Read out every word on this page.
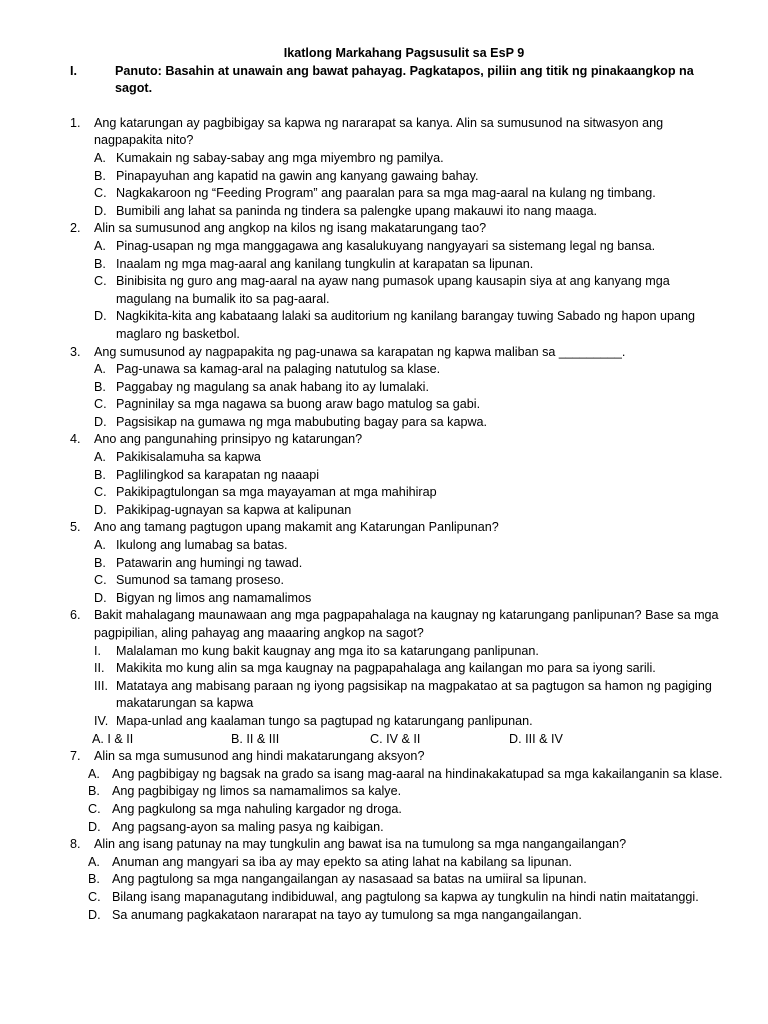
Ikatlong Markahang Pagsusulit sa EsP 9
I.	Panuto: Basahin at unawain ang bawat pahayag. Pagkatapos, piliin ang titik ng pinakaangkop na sagot.
1.	Ang katarungan ay pagbibigay sa kapwa ng nararapat sa kanya. Alin sa sumusunod na sitwasyon ang nagpapakita nito?
A. Kumakain ng sabay-sabay ang mga miyembro ng pamilya.
B. Pinapayuhan ang kapatid na gawin ang kanyang gawaing bahay.
C. Nagkakaroon ng “Feeding Program” ang paaralan para sa mga mag-aaral na kulang ng timbang.
D. Bumibili ang lahat sa paninda ng tindera sa palengke upang makauwi ito nang maaga.
2.	Alin sa sumusunod ang angkop na kilos ng isang makatarungang tao?
A. Pinag-usapan ng mga manggagawa ang kasalukuyang nangyayari sa sistemang legal ng bansa.
B. Inaalam ng mga mag-aaral ang kanilang tungkulin at karapatan sa lipunan.
C. Binibisita ng guro ang mag-aaral na ayaw nang pumasok upang kausapin siya at ang kanyang mga magulang na bumalik ito sa pag-aaral.
D. Nagkikita-kita ang kabataang lalaki sa auditorium ng kanilang barangay tuwing Sabado ng hapon upang maglaro ng basketbol.
3.	Ang sumusunod ay nagpapakita ng pag-unawa sa karapatan ng kapwa maliban sa _________.
A. Pag-unawa sa kamag-aral na palaging natutulog sa klase.
B. Paggabay ng magulang sa anak habang ito ay lumalaki.
C. Pagninilay sa mga nagawa sa buong araw bago matulog sa gabi.
D. Pagsisikap na gumawa ng mga mabubuting bagay para sa kapwa.
4.	Ano ang pangunahing prinsipyo ng katarungan?
A. Pakikisalamuha sa kapwa
B. Paglilingkod sa karapatan ng naaapi
C. Pakikipagtulongan sa mga mayayaman at mga mahihirap
D. Pakikipag-ugnayan sa kapwa at kalipunan
5.	Ano ang tamang pagtugon upang makamit ang Katarungan Panlipunan?
A. Ikulong ang lumabag sa batas.
B. Patawarin ang humingi ng tawad.
C. Sumunod sa tamang proseso.
D. Bigyan ng limos ang namamalimos
6.	Bakit mahalagang maunawaan ang mga pagpapahalaga na kaugnay ng katarungang panlipunan? Base sa mga pagpipilian, aling pahayag ang maaaring angkop na sagot?
I.	Malalaman mo kung bakit kaugnay ang mga ito sa katarungang panlipunan.
II. Makikita mo kung alin sa mga kaugnay na pagpapahalaga ang kailangan mo para sa iyong sarili.
III. Matataya ang mabisang paraan ng iyong pagsisikap na magpakatao at sa pagtugon sa hamon ng pagiging makatarungan sa kapwa
IV. Mapa-unlad ang kaalaman tungo sa pagtupad ng katarungang panlipunan.
A. I & II	B. II & III	C. IV & II	D. III & IV
7.	Alin sa mga sumusunod ang hindi makatarungang aksyon?
A. Ang pagbibigay ng bagsak na grado sa isang mag-aaral na hindinakakatupad sa mga kakailanganin sa klase.
B. Ang pagbibigay ng limos sa namamalimos sa kalye.
C. Ang pagkulong sa mga nahuling kargador ng droga.
D. Ang pagsang-ayon sa maling pasya ng kaibigan.
8.	Alin ang isang patunay na may tungkulin ang bawat isa na tumulong sa mga nangangailangan?
A. Anuman ang mangyari sa iba ay may epekto sa ating lahat na kabilang sa lipunan.
B. Ang pagtulong sa mga nangangailangan ay nasasaad sa batas na umiiral sa lipunan.
C. Bilang isang mapanagutang indibiduwal, ang pagtulong sa kapwa ay tungkulin na hindi natin maitatanggi.
D. Sa anumang pagkakataon nararapat na tayo ay tumulong sa mga nangangailangan.
